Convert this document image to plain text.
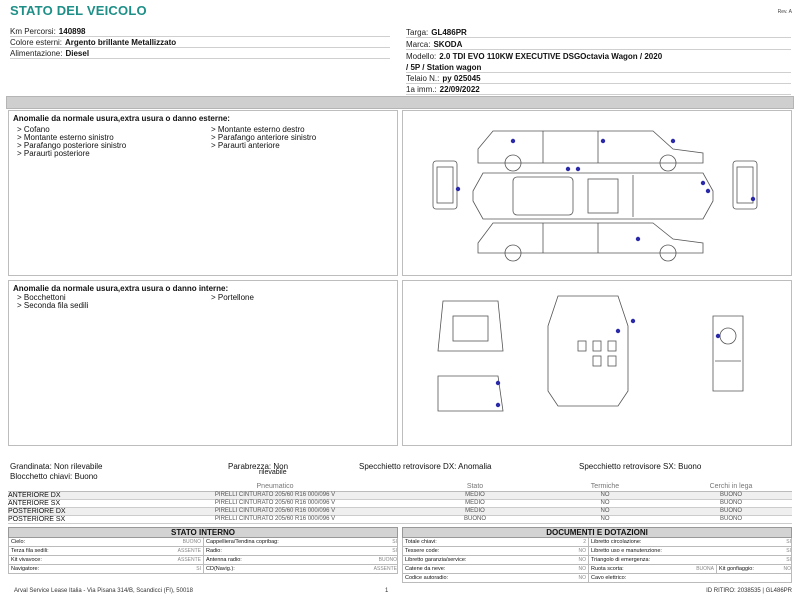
STATO DEL VEICOLO	Rev. A
Km Percorsi: 140898
Colore esterni: Argento brillante Metallizzato
Alimentazione: Diesel
Targa: GL486PR
Marca: SKODA
Modello: 2.0 TDI EVO 110KW EXECUTIVE DSGOctavia Wagon / 2020
/ 5P / Station wagon
Telaio N.: py 025045
1a imm.: 22/09/2022
Anomalie da normale usura,extra usura o danno esterne:
> Cofano
> Montante esterno sinistro
> Parafango posteriore sinistro
> Paraurti posteriore
> Montante esterno destro
> Parafango anteriore sinistro
> Paraurti anteriore
Anomalie da normale usura,extra usura o danno interne:
> Bocchettoni
> Seconda fila sedili
> Portellone
Grandinata: Non rilevabile	Parabrezza: Non
rilevabile
Specchietto retrovisore DX: Anomalia	Specchietto retrovisore SX: Buono
Blocchetto chiavi: Buono
	Pneumatico	Stato	Termiche	Cerchi in lega
ANTERIORE DX	PIRELLI CINTURATO 205/60 R16 000/096 V	MEDIO	NO	BUONO
ANTERIORE SX	PIRELLI CINTURATO 205/60 R16 000/096 V	MEDIO	NO	BUONO
POSTERIORE DX	PIRELLI CINTURATO 205/60 R16 000/096 V	MEDIO	NO	BUONO
POSTERIORE SX	PIRELLI CINTURATO 205/60 R16 000/096 V	BUONO	NO	BUONO
STATO INTERNO
Cielo:	BUONO Cappelliera/Tendina copribag:	SI
Terza fila sedili:	ASSENTE Radio:	SI
Kit vivavoce:	ASSENTE Antenna radio:	BUONO
Navigatore:	SI CD(Navig.):	ASSENTE
DOCUMENTI E DOTAZIONI
Totale chiavi:	2 Libretto circolazione:	SI
Tessere code:	NO Libretto uso e manutenzione:	SI
Libretto garanzia/service:	NO Triangolo di emergenza:	SI
Catene da neve:	NO Ruota scorta:	BUONA Kit gonfiaggio:	NO
Codice autoradio:	NO Cavo elettrico:
Arval Service Lease Italia - Via Pisana 314/B, Scandicci (FI), 50018	1	ID RITIRO: 2038535 | GL486PR
